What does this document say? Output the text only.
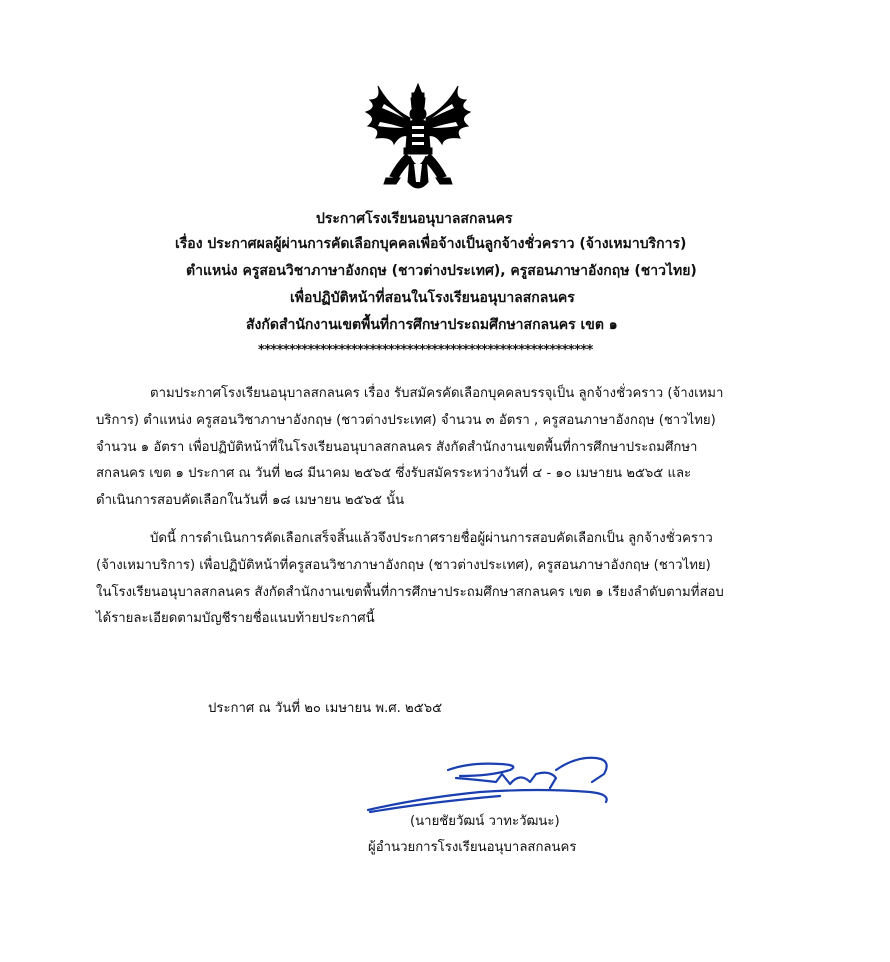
ประกาศโรงเรียนอนุบาลสกลนคร
เรื่อง ประกาศผลผู้ผ่านการคัดเลือกบุคคลเพื่อจ้างเป็นลูกจ้างชั่วคราว (จ้างเหมาบริการ)
ตำแหน่ง ครูสอนวิชาภาษาอังกฤษ (ชาวต่างประเทศ), ครูสอนภาษาอังกฤษ (ชาวไทย)
เพื่อปฏิบัติหน้าที่สอนในโรงเรียนอนุบาลสกลนคร
สังกัดสำนักงานเขตพื้นที่การศึกษาประถมศึกษาสกลนคร เขต ๑
******************************************************
ตามประกาศโรงเรียนอนุบาลสกลนคร เรื่อง รับสมัครคัดเลือกบุคคลบรรจุเป็น ลูกจ้างชั่วคราว (จ้างเหมา
บริการ) ตำแหน่ง ครูสอนวิชาภาษาอังกฤษ (ชาวต่างประเทศ) จำนวน ๓ อัตรา , ครูสอนภาษาอังกฤษ (ชาวไทย)
จำนวน ๑ อัตรา เพื่อปฏิบัติหน้าที่ในโรงเรียนอนุบาลสกลนคร สังกัดสำนักงานเขตพื้นที่การศึกษาประถมศึกษา
สกลนคร เขต ๑ ประกาศ ณ วันที่ ๒๘ มีนาคม ๒๕๖๕ ซึ่งรับสมัครระหว่างวันที่ ๔ - ๑๐ เมษายน ๒๕๖๕ และ
ดำเนินการสอบคัดเลือกในวันที่ ๑๘ เมษายน ๒๕๖๕ นั้น
บัดนี้ การดำเนินการคัดเลือกเสร็จสิ้นแล้วจึงประกาศรายชื่อผู้ผ่านการสอบคัดเลือกเป็น ลูกจ้างชั่วคราว
(จ้างเหมาบริการ) เพื่อปฏิบัติหน้าที่ครูสอนวิชาภาษาอังกฤษ (ชาวต่างประเทศ), ครูสอนภาษาอังกฤษ (ชาวไทย)
ในโรงเรียนอนุบาลสกลนคร สังกัดสำนักงานเขตพื้นที่การศึกษาประถมศึกษาสกลนคร เขต ๑ เรียงลำดับตามที่สอบ
ได้รายละเอียดตามบัญชีรายชื่อแนบท้ายประกาศนี้
ประกาศ ณ วันที่ ๒๐ เมษายน พ.ศ. ๒๕๖๕
(นายชัยวัฒน์ วาทะวัฒนะ)
ผู้อำนวยการโรงเรียนอนุบาลสกลนคร
